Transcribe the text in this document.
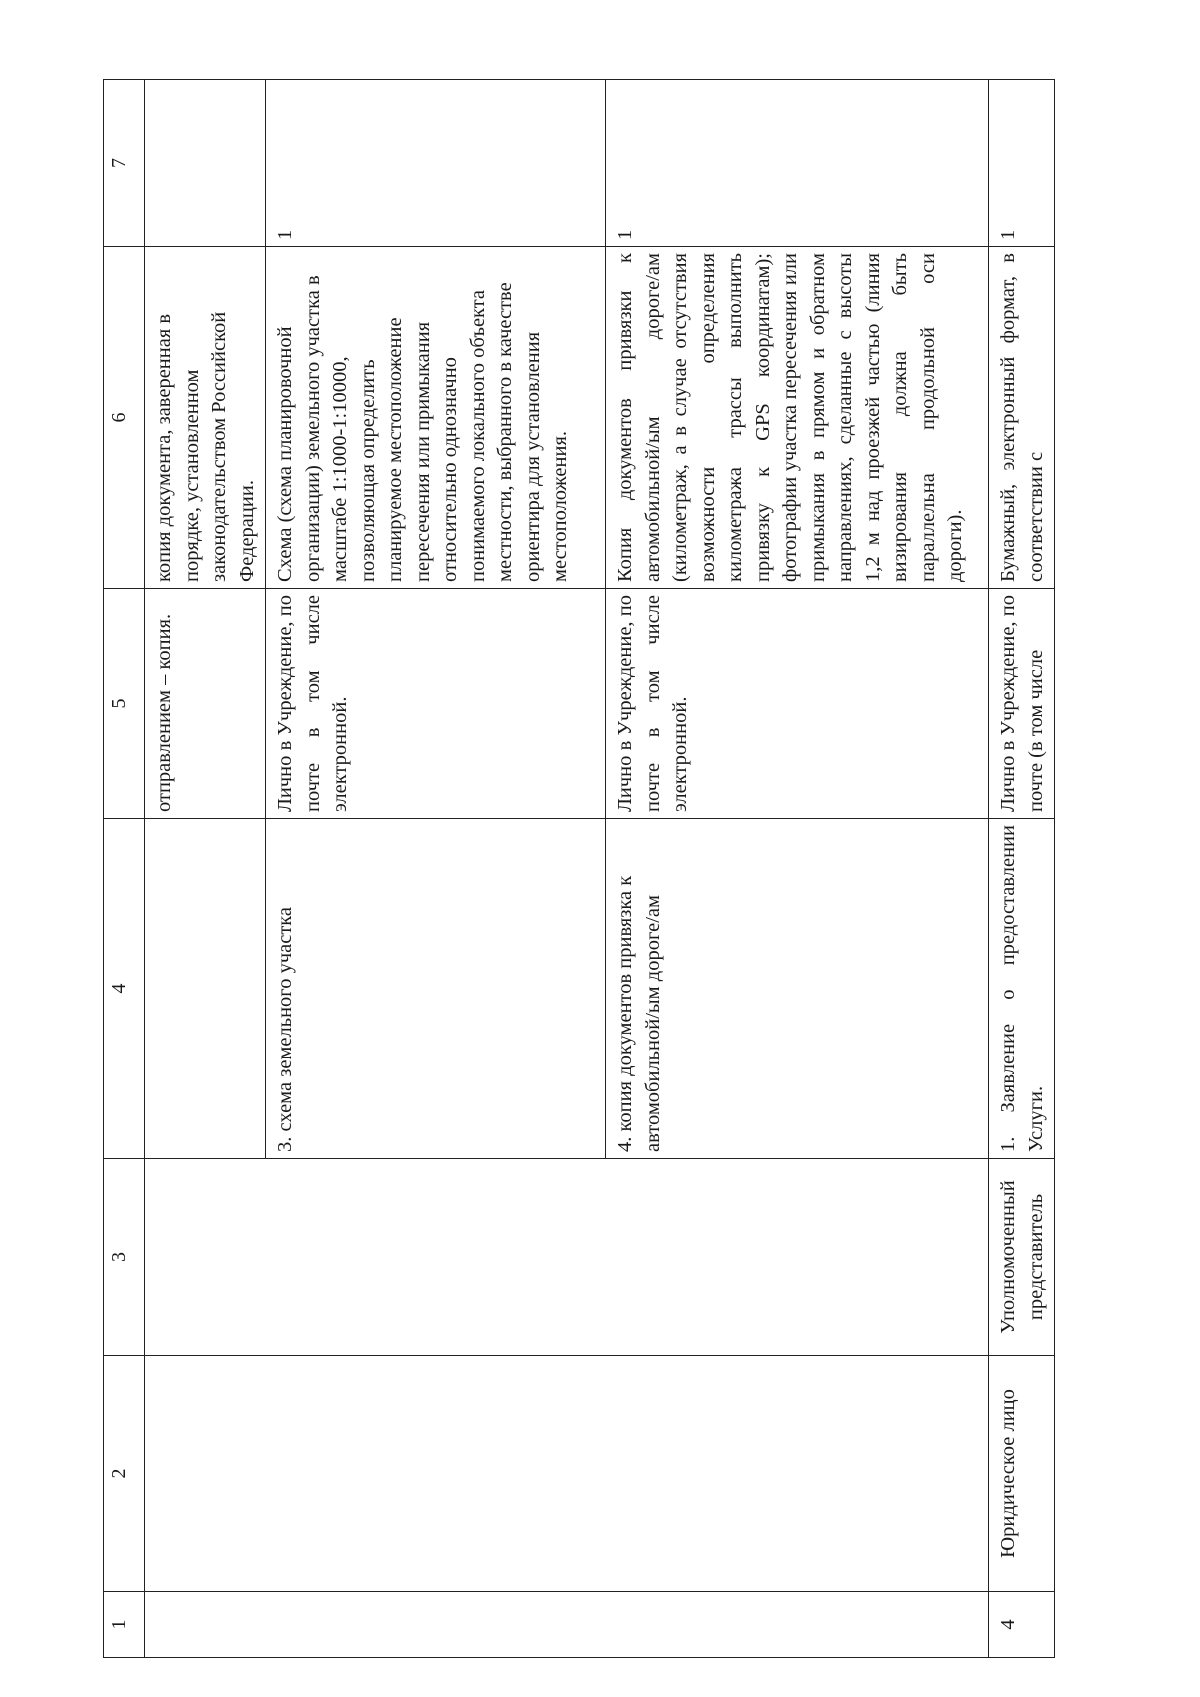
1	2	3	4	5	6	7
				отправлением – копия.	копия документа, заверенная в порядке, установленном законодательством Российской Федерации.	
			3. схема земельного участка	Лично в Учреждение, по почте в том числе электронной.	Схема (схема планировочной организации) земельного участка в масштабе 1:1000-1:10000, позволяющая определить планируемое местоположение пересечения или примыкания относительно однозначно понимаемого локального объекта местности, выбранного в качестве ориентира для установления местоположения.	1
			4. копия документов привязка к автомобильной/ым дороге/ам	Лично в Учреждение, по почте в том числе электронной.	Копия документов привязки к автомобильной/ым дороге/ам (километраж, а в случае отсутствия возможности определения километража трассы выполнить привязку к GPS координатам); фотографии участка пересечения или примыкания в прямом и обратном направлениях, сделанные с высоты 1,2 м над проезжей частью (линия визирования должна быть параллельна продольной оси дороги).	1
4	Юридическое лицо	Уполномоченный представитель	1. Заявление о предоставлении Услуги.	Лично в Учреждение, по почте (в том числе	Бумажный, электронный формат, в соответствии с	1
